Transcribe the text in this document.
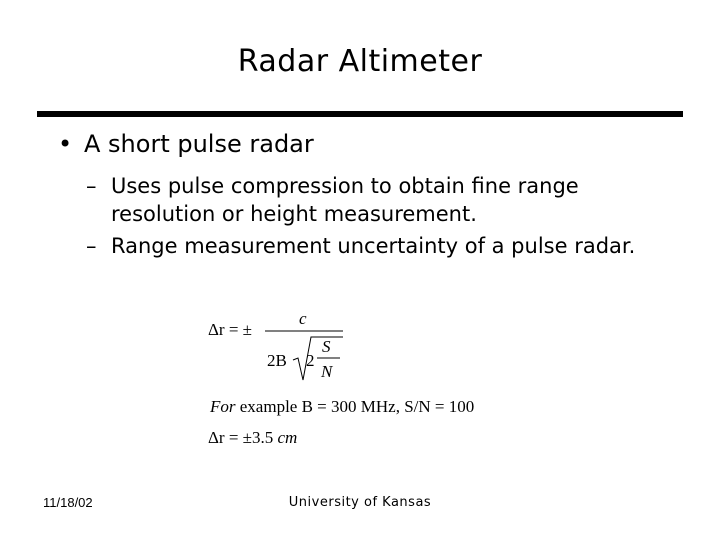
Radar Altimeter
• A short pulse radar
– Uses pulse compression to obtain fine range
resolution or height measurement.
– Range measurement uncertainty of a pulse radar.
Δr = ±
c
2B 2
S
N
For example B = 300 MHz, S/N = 100
Δr = ±3.5 cm
11/18/02	University of Kansas
